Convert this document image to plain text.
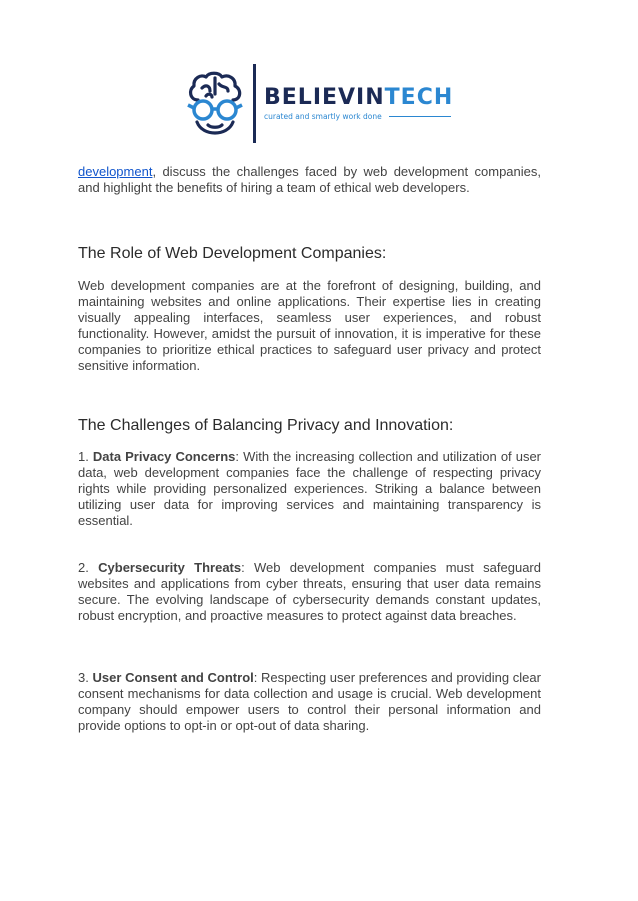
BELIEVINTECH
curated and smartly work done

development, discuss the challenges faced by web development companies, and highlight the benefits of hiring a team of ethical web developers.

The Role of Web Development Companies:

Web development companies are at the forefront of designing, building, and maintaining websites and online applications. Their expertise lies in creating visually appealing interfaces, seamless user experiences, and robust functionality. However, amidst the pursuit of innovation, it is imperative for these companies to prioritize ethical practices to safeguard user privacy and protect sensitive information.

The Challenges of Balancing Privacy and Innovation:

1. Data Privacy Concerns: With the increasing collection and utilization of user data, web development companies face the challenge of respecting privacy rights while providing personalized experiences. Striking a balance between utilizing user data for improving services and maintaining transparency is essential.

2. Cybersecurity Threats: Web development companies must safeguard websites and applications from cyber threats, ensuring that user data remains secure. The evolving landscape of cybersecurity demands constant updates, robust encryption, and proactive measures to protect against data breaches.

3. User Consent and Control: Respecting user preferences and providing clear consent mechanisms for data collection and usage is crucial. Web development company should empower users to control their personal information and provide options to opt-in or opt-out of data sharing.
